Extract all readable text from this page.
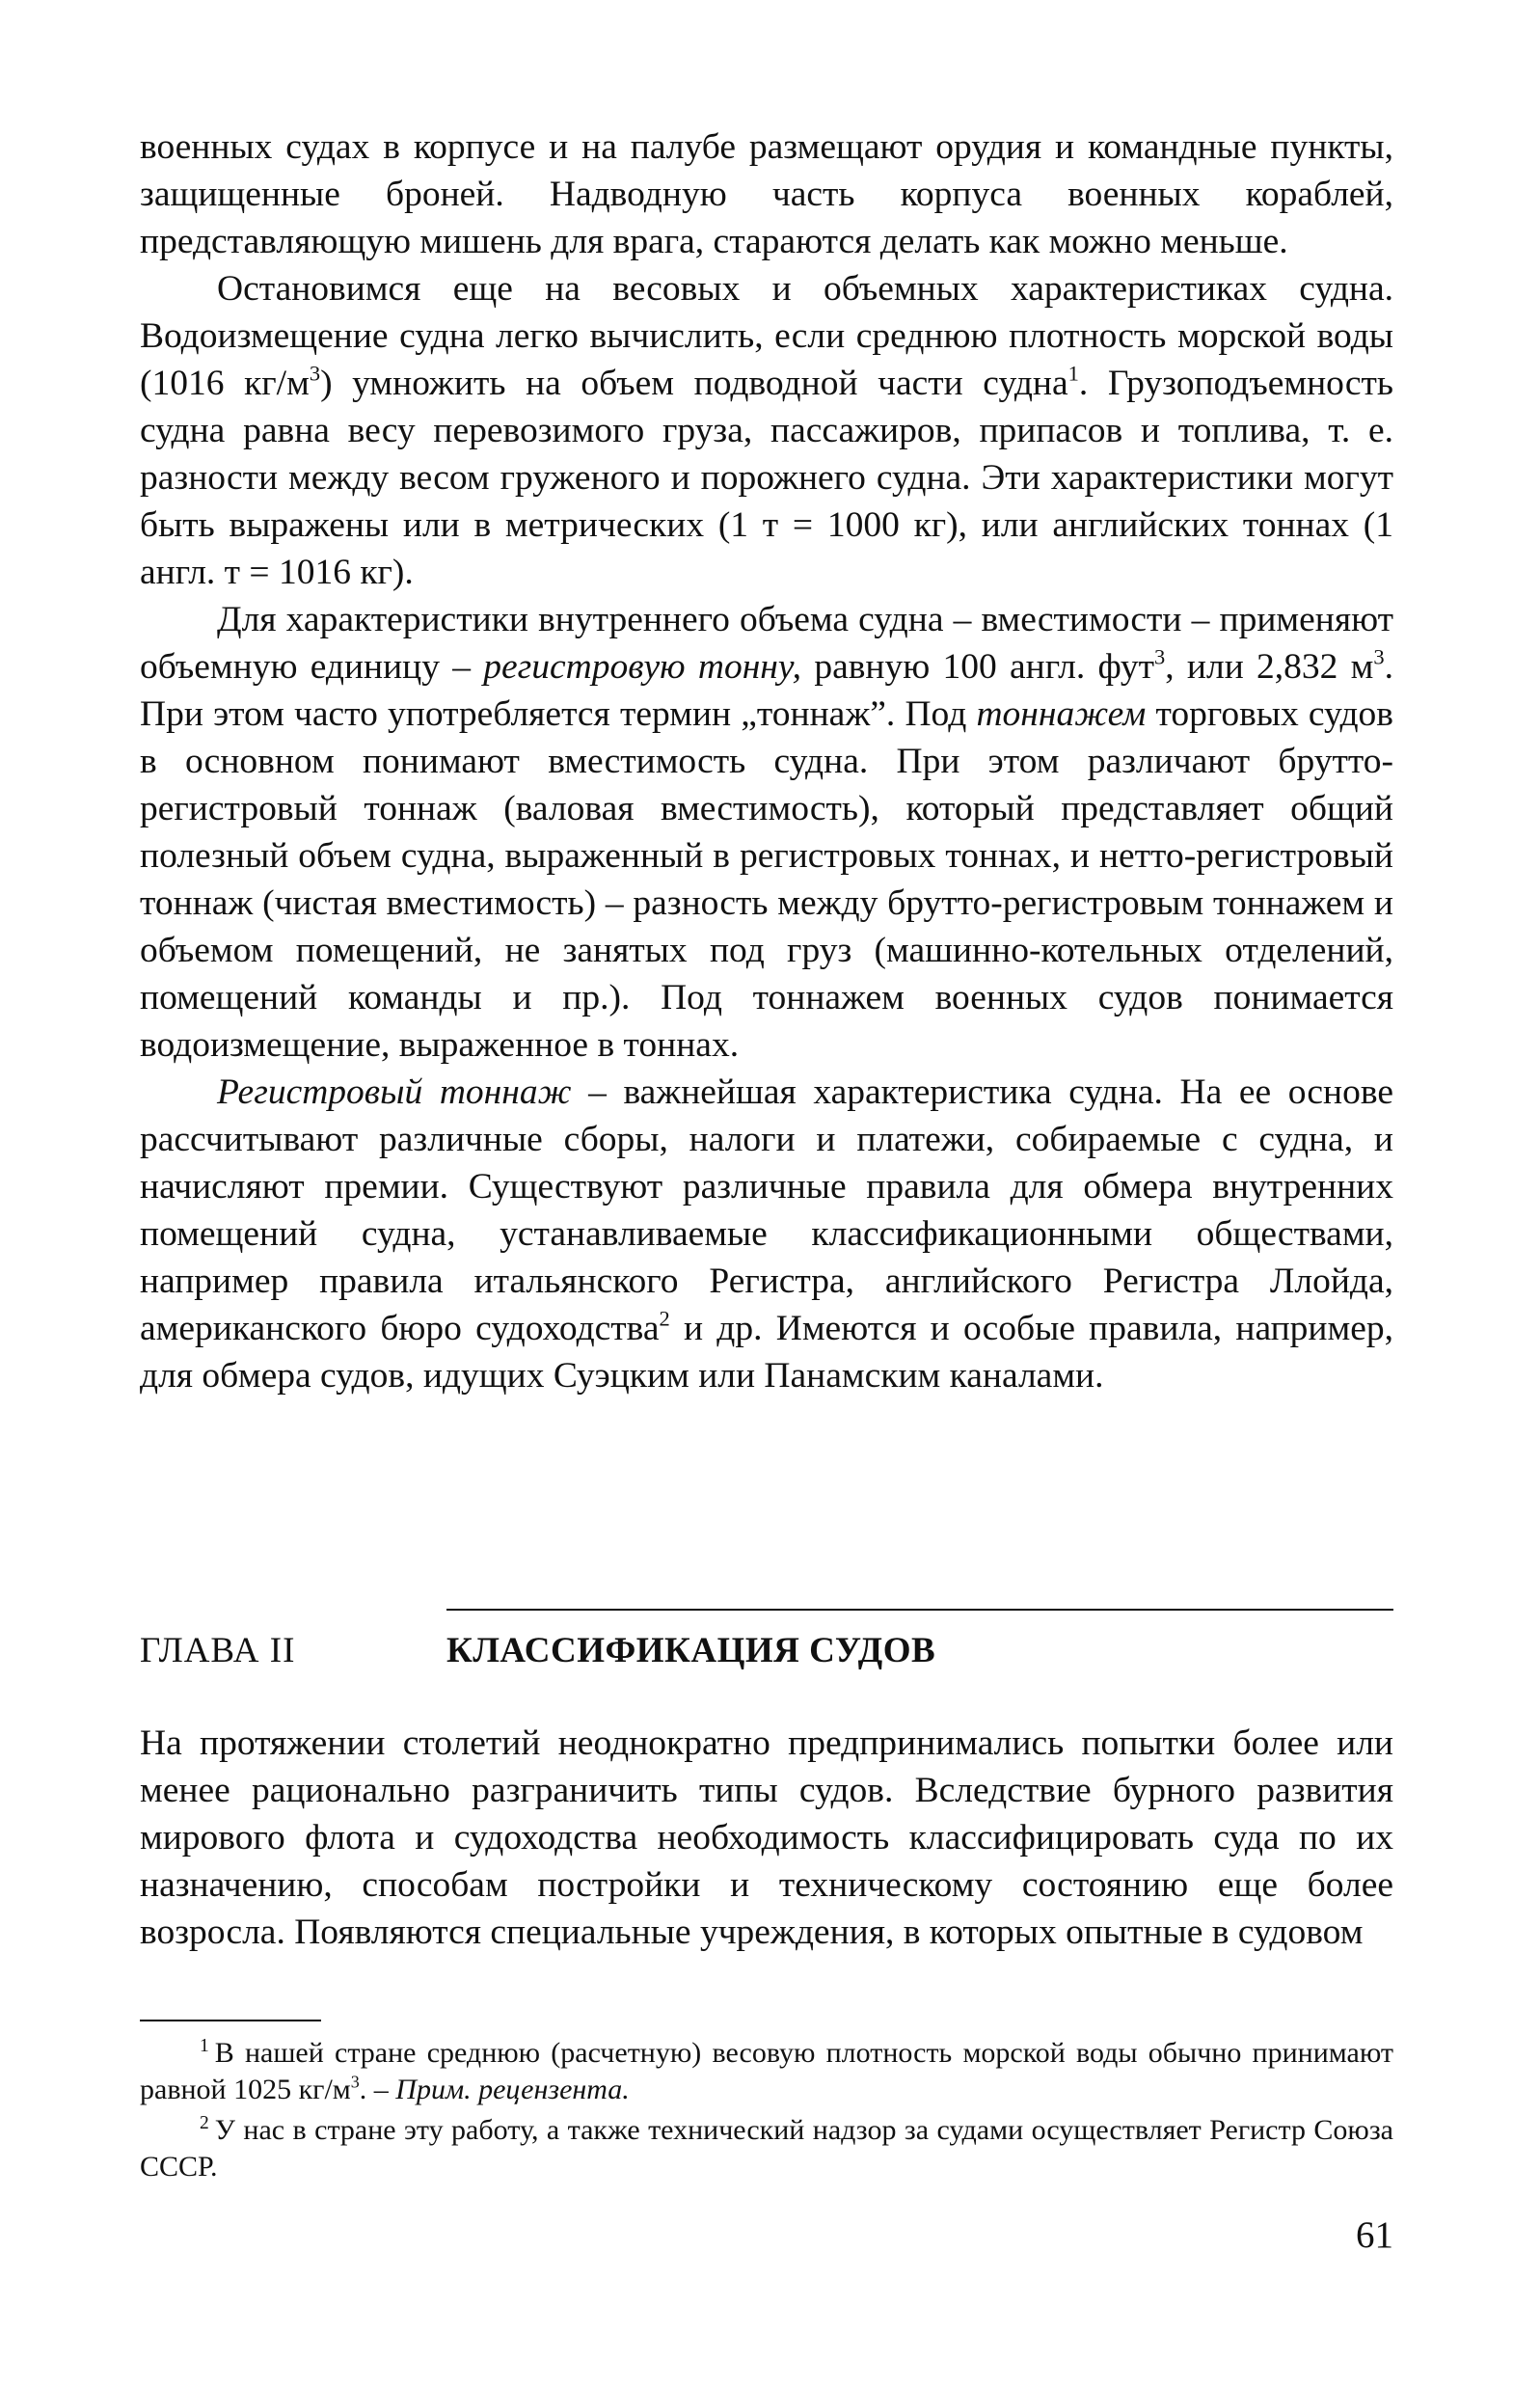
военных судах в корпусе и на палубе размещают орудия и командные пункты, защищенные броней. Надводную часть корпуса военных кораблей, представляющую мишень для врага, стараются делать как можно меньше.

Остановимся еще на весовых и объемных характеристиках судна. Водоизмещение судна легко вычислить, если среднюю плотность морской воды (1016 $кг/м^3$) умножить на объем подводной части судна$^1$. Грузоподъемность судна равна весу перевозимого груза, пассажиров, припасов и топлива, т. е. разности между весом груженого и порожнего судна. Эти характеристики могут быть выражены или в метрических (1 т = 1000 кг), или английских тоннах (1 англ. т = 1016 кг).

Для характеристики внутреннего объема судна – вместимости – применяют объемную единицу – регистровую тонну, равную 100 англ. фут$^3$, или 2,832 $м^3$. При этом часто употребляется термин „тоннаж”. Под тоннажем торговых судов в основном понимают вместимость судна. При этом различают брутто-регистровый тоннаж (валовая вместимость), который представляет общий полезный объем судна, выраженный в регистровых тоннах, и нетто-регистровый тоннаж (чистая вместимость) – разность между брутто-регистровым тоннажем и объемом помещений, не занятых под груз (машинно-котельных отделений, помещений команды и пр.). Под тоннажем военных судов понимается водоизмещение, выраженное в тоннах.

Регистровый тоннаж – важнейшая характеристика судна. На ее основе рассчитывают различные сборы, налоги и платежи, собираемые с судна, и начисляют премии. Существуют различные правила для обмера внутренних помещений судна, устанавливаемые классификационными обществами, например правила итальянского Регистра, английского Регистра Ллойда, американского бюро судоходства$^2$ и др. Имеются и особые правила, например, для обмера судов, идущих Суэцким или Панамским каналами.

ГЛАВА II	КЛАССИФИКАЦИЯ СУДОВ

На протяжении столетий неоднократно предпринимались попытки более или менее рационально разграничить типы судов. Вследствие бурного развития мирового флота и судоходства необходимость классифицировать суда по их назначению, способам постройки и техническому состоянию еще более возросла. Появляются специальные учреждения, в которых опытные в судовом

$^1$ В нашей стране среднюю (расчетную) весовую плотность морской воды обычно принимают равной 1025 $кг/м^3$. – Прим. рецензента.

$^2$ У нас в стране эту работу, а также технический надзор за судами осуществляет Регистр Союза СССР.

61
